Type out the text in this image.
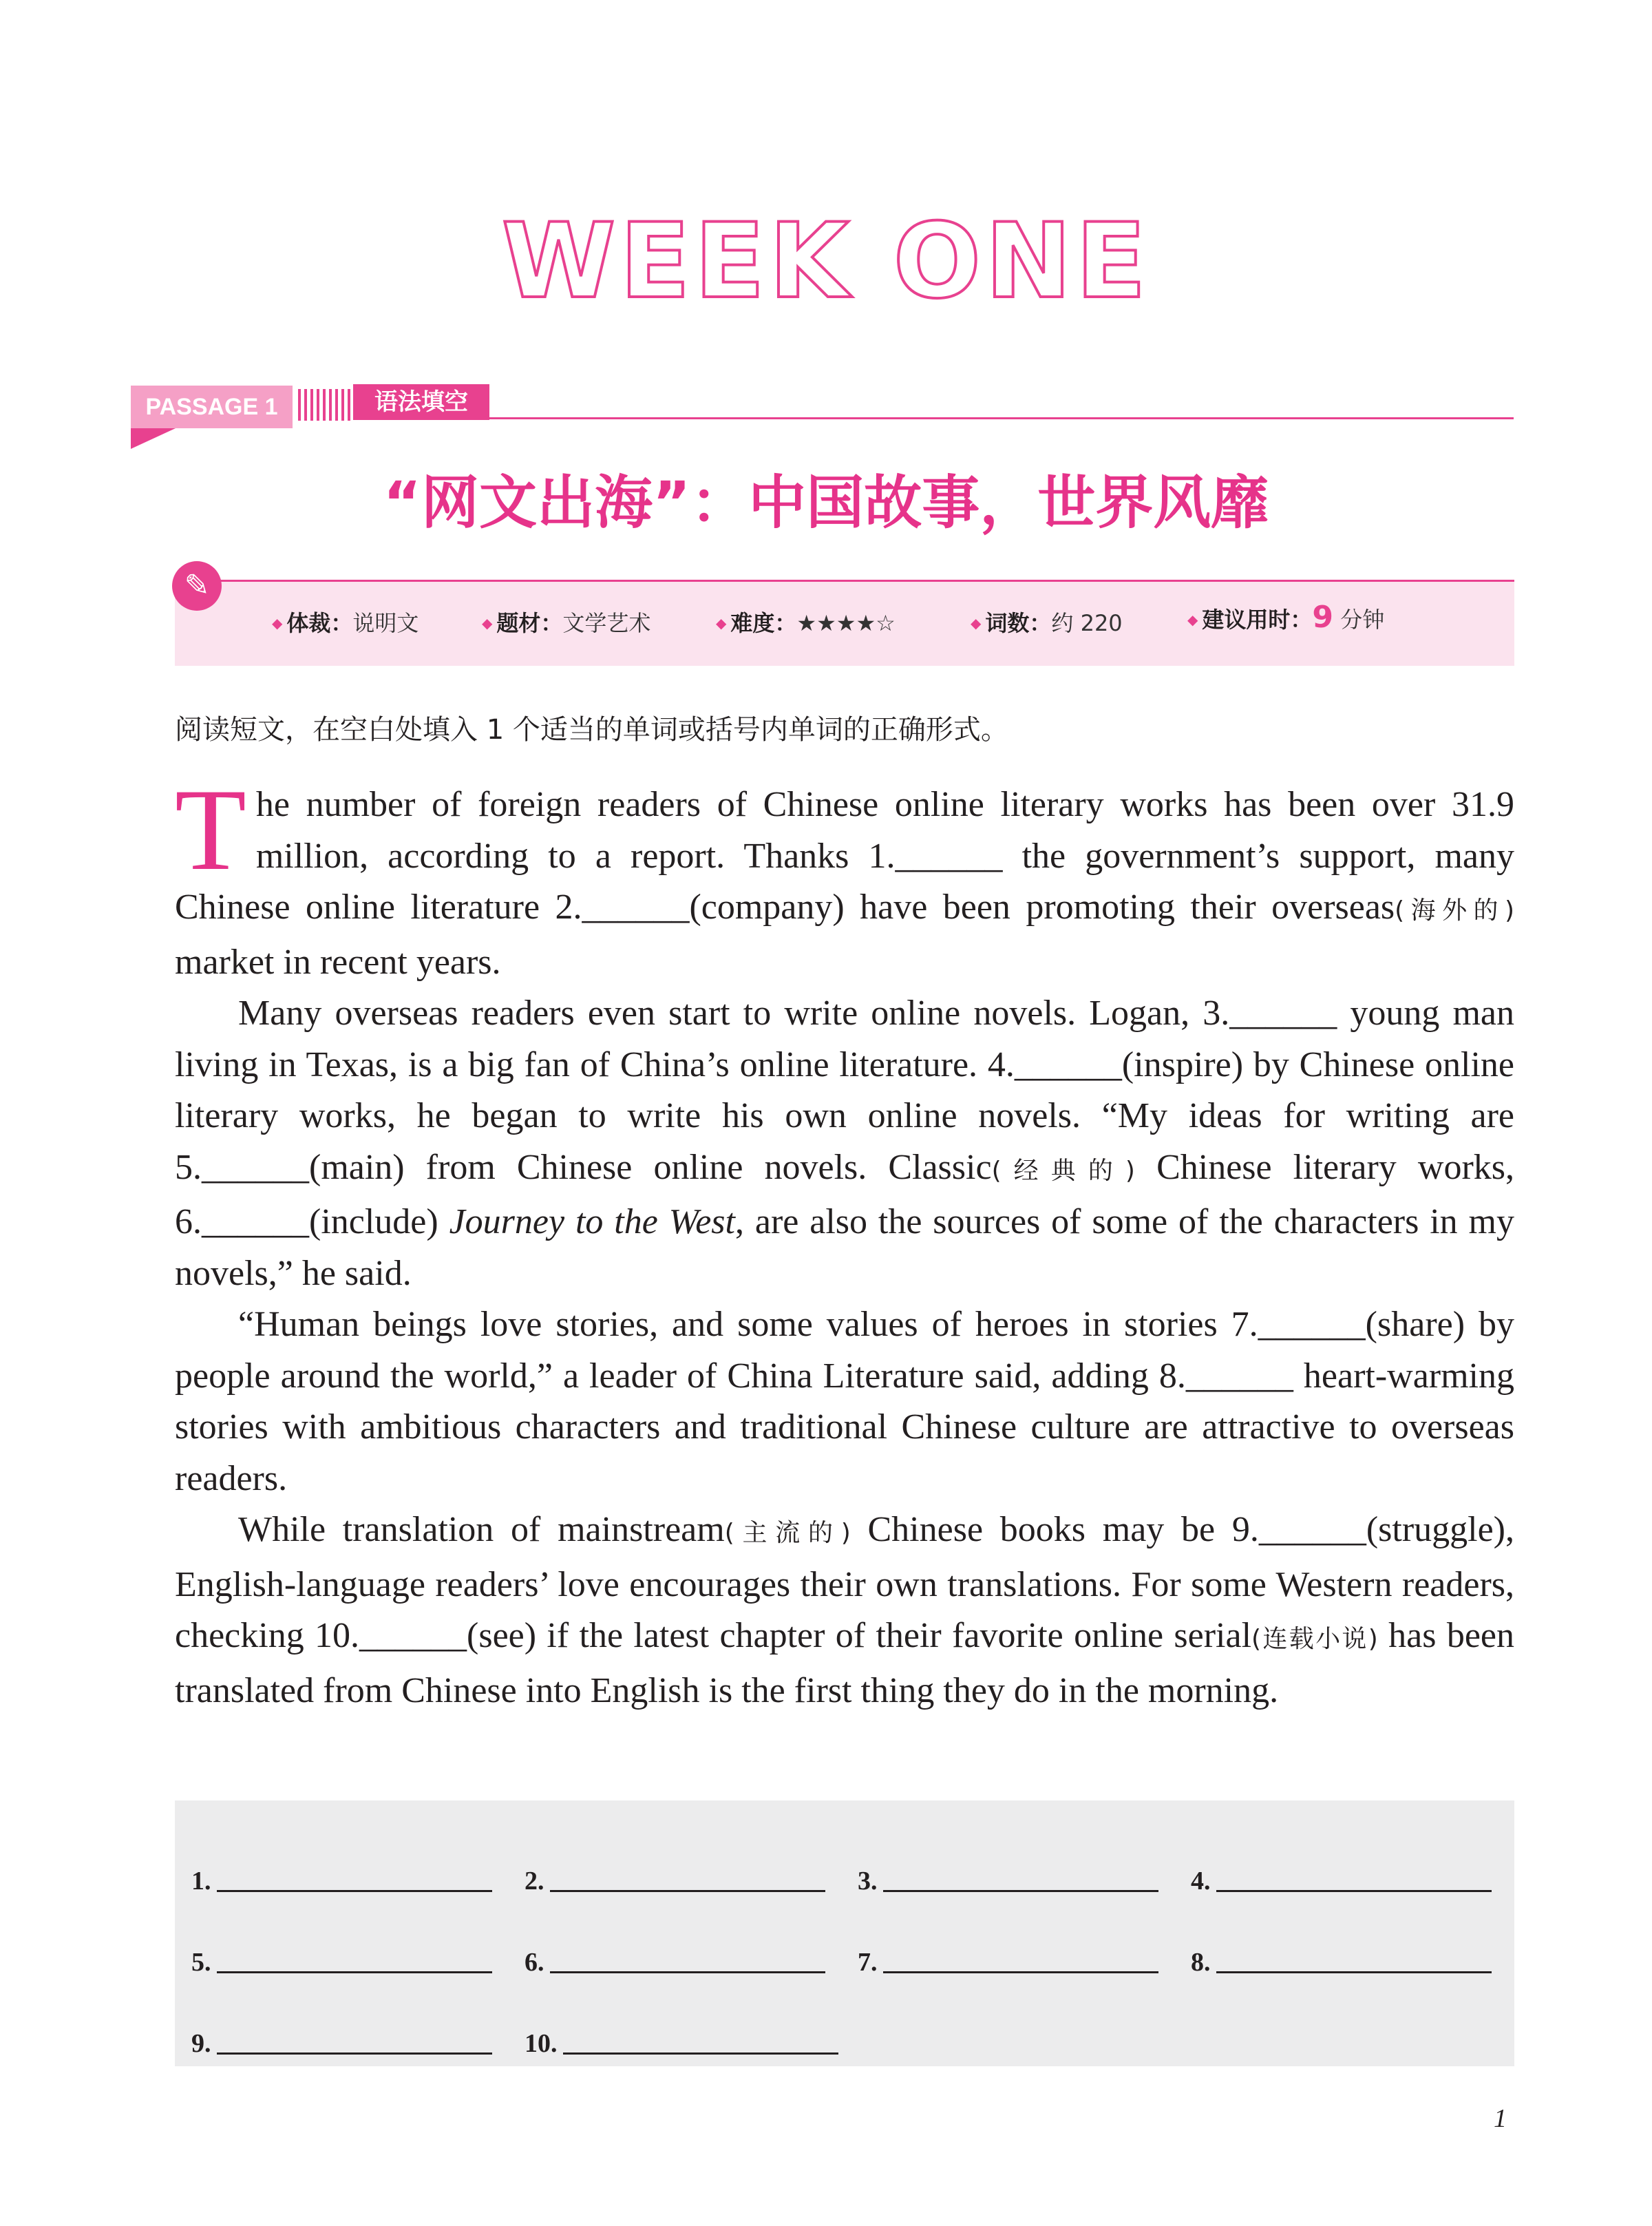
WEEK ONE
PASSAGE 1	语法填空
“网文出海”：中国故事，世界风靡
✎
◆ 体裁：说明文	◆ 题材：文学艺术	◆ 难度：★★★★☆	◆ 词数：约 220	◆ 建议用时：9 分钟
阅读短文，在空白处填入 1 个适当的单词或括号内单词的正确形式。

The number of foreign readers of Chinese online literary works has been over 31.9 million, according to a report. Thanks 1.______ the government’s support, many Chinese online literature 2.______(company) have been promoting their overseas(海外的) market in recent years.

Many overseas readers even start to write online novels. Logan, 3.______ young man living in Texas, is a big fan of China’s online literature. 4.______(inspire) by Chinese online literary works, he began to write his own online novels. “My ideas for writing are 5.______(main) from Chinese online novels. Classic(经典的) Chinese literary works, 6.______(include) Journey to the West, are also the sources of some of the characters in my novels,” he said.

“Human beings love stories, and some values of heroes in stories 7.______(share) by people around the world,” a leader of China Literature said, adding 8.______ heart-warming stories with ambitious characters and traditional Chinese culture are attractive to overseas readers.

While translation of mainstream(主流的) Chinese books may be 9.______(struggle), English-language readers’ love encourages their own translations. For some Western readers, checking 10.______(see) if the latest chapter of their favorite online serial(连载小说) has been translated from Chinese into English is the first thing they do in the morning.

1.	2.	3.	4.
5.	6.	7.	8.
9.	10.
1
